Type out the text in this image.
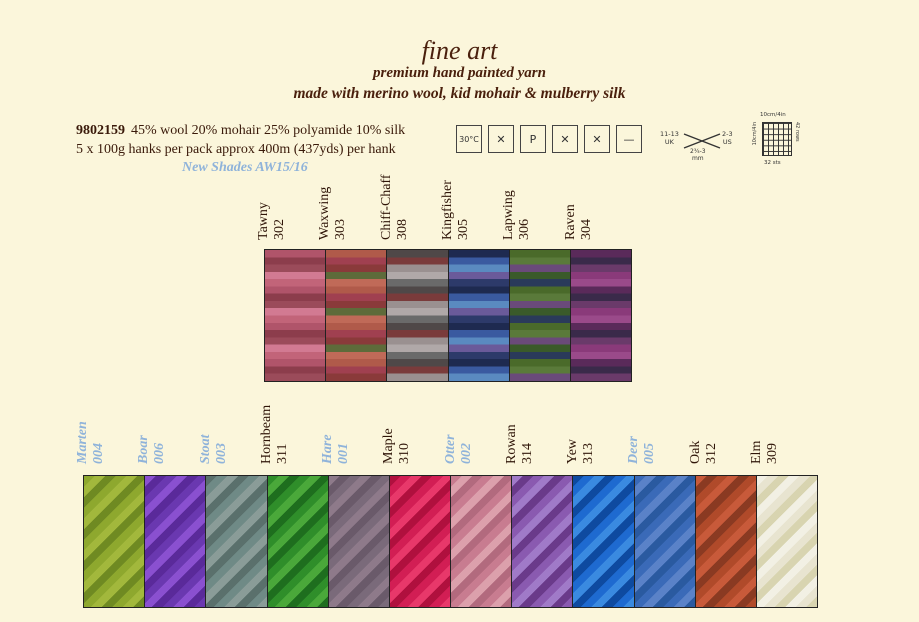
fine art
premium hand painted yarn
made with merino wool, kid mohair & mulberry silk
9802159 45% wool 20% mohair 25% polyamide 10% silk
5 x 100g hanks per pack approx 400m (437yds) per hank
New Shades AW15/16
30°C	✕	P	✕	✕	—	11-13
UK
2-3
US
2¾-3
mm
10cm/4in
10cm/4in	42 rows
32 sts
Tawny 302 Waxwing 303 Chiff-Chaff 308 Kingfisher 305 Lapwing 306 Raven 304
Marten 004 Boar 006 Stoat 003 Hornbeam 311 Hare 001 Maple 310 Otter 002 Rowan 314 Yew 313 Deer 005 Oak 312 Elm 309
